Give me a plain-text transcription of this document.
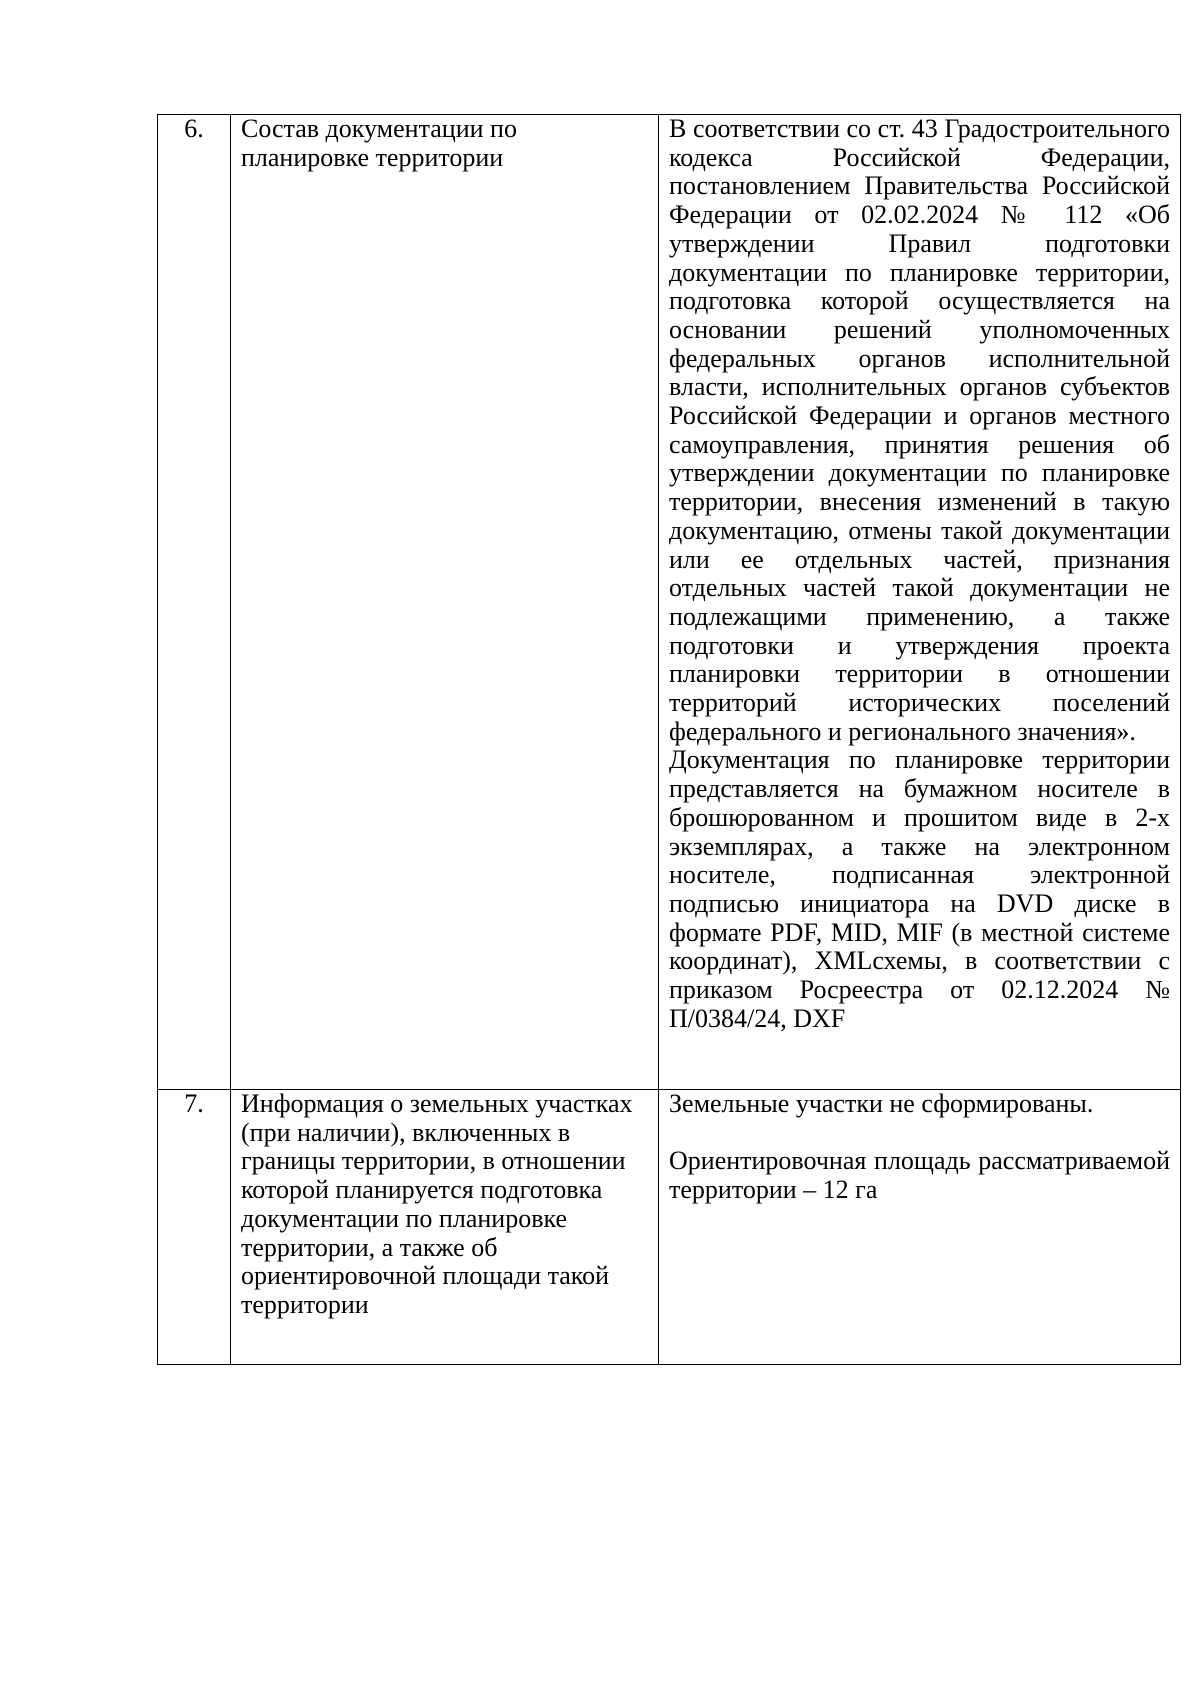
6.	Состав документации по планировке территории	В соответствии со ст. 43 Градостроительного кодекса Российской Федерации, постановлением Правительства Российской Федерации от 02.02.2024 № 112 «Об утверждении Правил подготовки документации по планировке территории, подготовка которой осуществляется на основании решений уполномоченных федеральных органов исполнительной власти, исполнительных органов субъектов Российской Федерации и органов местного самоуправления, принятия решения об утверждении документации по планировке территории, внесения изменений в такую документацию, отмены такой документации или ее отдельных частей, признания отдельных частей такой документации не подлежащими применению, а также подготовки и утверждения проекта планировки территории в отношении территорий исторических поселений федерального и регионального значения».
Документация по планировке территории представляется на бумажном носителе в брошюрованном и прошитом виде в 2-х экземплярах, а также на электронном носителе, подписанная электронной подписью инициатора на DVD диске в формате PDF, MID, MIF (в местной системе координат), XMLсхемы, в соответствии с приказом Росреестра от 02.12.2024 № П/0384/24, DXF

7.	Информация о земельных участках (при наличии), включенных в границы территории, в отношении которой планируется подготовка документации по планировке территории, а также об ориентировочной площади такой территории	Земельные участки не сформированы.
Ориентировочная площадь рассматриваемой территории – 12 га
